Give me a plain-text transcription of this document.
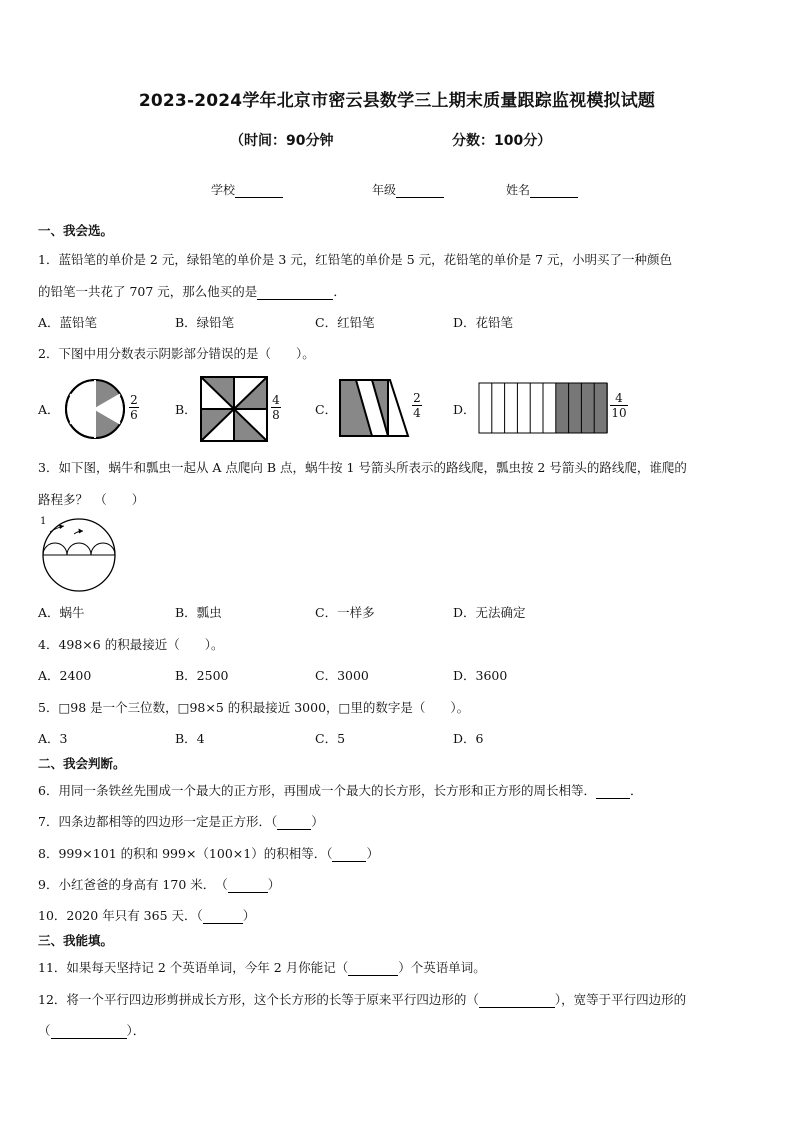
2023-2024学年北京市密云县数学三上期末质量跟踪监视模拟试题
（时间：90分钟	分数：100分）
学校	年级	姓名
一、我会选。
1．蓝铅笔的单价是 2 元，绿铅笔的单价是 3 元，红铅笔的单价是 5 元，花铅笔的单价是 7 元，小明买了一种颜色
的铅笔一共花了 707 元，那么他买的是	．
A．蓝铅笔	B．绿铅笔	C．红铅笔	D．花铅笔
2．下图中用分数表示阴影部分错误的是（　　）。
A．	$\frac{2}{6}$	B．	$\frac{4}{8}$	C．	$\frac{2}{4}$ D．	$\frac{4}{10}$
3．如下图，蜗牛和瓢虫一起从 A 点爬向 B 点，蜗牛按 1 号箭头所表示的路线爬，瓢虫按 2 号箭头的路线爬，谁爬的
路程多？　（　　）
1
A．蜗牛	B．瓢虫	C．一样多	D．无法确定
4．498×6 的积最接近（　　）。
A．2400	B．2500	C．3000	D．3600
5．□98 是一个三位数，□98×5 的积最接近 3000，□里的数字是（　　）。
A．3	B．4	C．5	D．6
二、我会判断。
6．用同一条铁丝先围成一个最大的正方形，再围成一个最大的长方形，长方形和正方形的周长相等．	．
7．四条边都相等的四边形一定是正方形．（	）
8．999×101 的积和 999×（100×1）的积相等．（	）
9．小红爸爸的身高有 170 米．　（	）
10．2020 年只有 365 天．（	）
三、我能填。
11．如果每天坚持记 2 个英语单词，今年 2 月你能记（	）个英语单词。
12．将一个平行四边形剪拼成长方形，这个长方形的长等于原来平行四边形的（	），宽等于平行四边形的
（	）．
